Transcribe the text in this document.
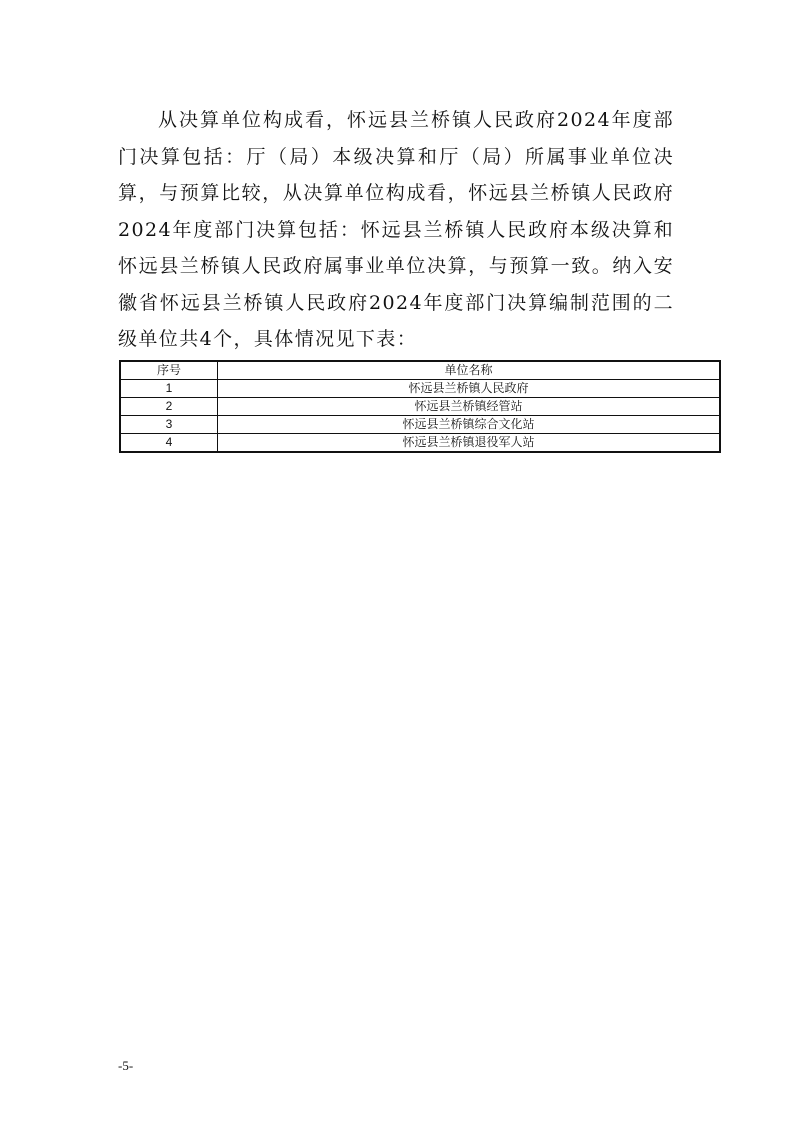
从决算单位构成看，怀远县兰桥镇人民政府2024年度部门决算包括：厅（局）本级决算和厅（局）所属事业单位决算，与预算比较，从决算单位构成看，怀远县兰桥镇人民政府2024年度部门决算包括：怀远县兰桥镇人民政府本级决算和怀远县兰桥镇人民政府属事业单位决算，与预算一致。纳入安徽省怀远县兰桥镇人民政府2024年度部门决算编制范围的二级单位共4个，具体情况见下表：

序号	单位名称
1	怀远县兰桥镇人民政府
2	怀远县兰桥镇经管站
3	怀远县兰桥镇综合文化站
4	怀远县兰桥镇退役军人站
-5-
